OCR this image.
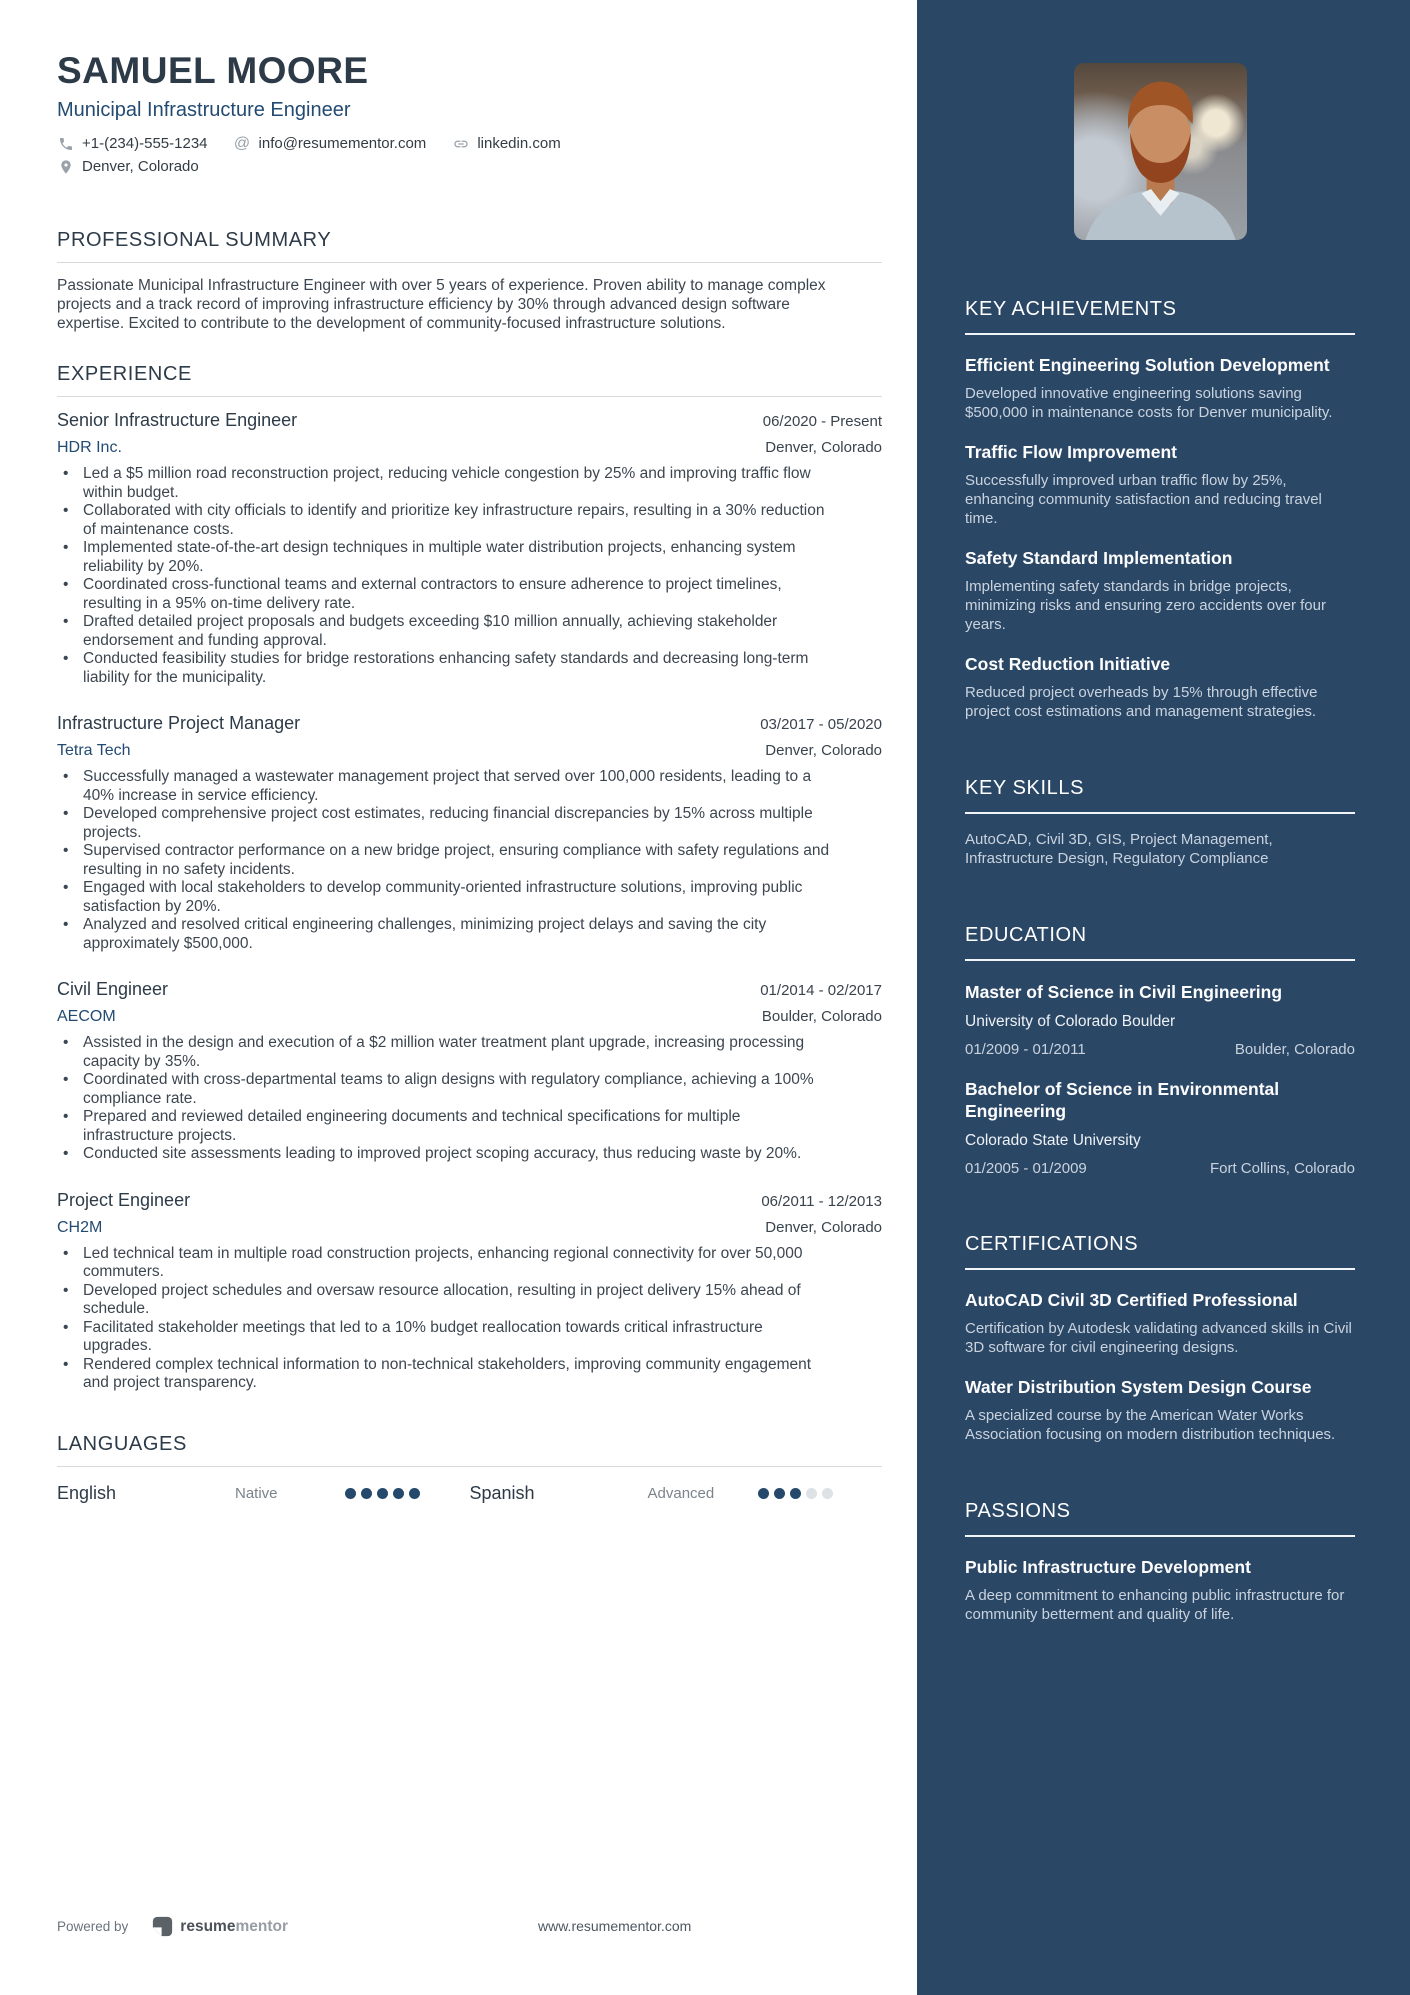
SAMUEL MOORE
Municipal Infrastructure Engineer
+1-(234)-555-1234 @ info@resumementor.com	linkedin.com
Denver, Colorado
PROFESSIONAL SUMMARY
Passionate Municipal Infrastructure Engineer with over 5 years of experience. Proven ability to manage complex projects and a track record of improving infrastructure efficiency by 30% through advanced design software expertise. Excited to contribute to the development of community-focused infrastructure solutions.
EXPERIENCE
Senior Infrastructure Engineer	06/2020 - Present
HDR Inc.	Denver, Colorado
• Led a $5 million road reconstruction project, reducing vehicle congestion by 25% and improving traffic flow within budget.
• Collaborated with city officials to identify and prioritize key infrastructure repairs, resulting in a 30% reduction of maintenance costs.
• Implemented state-of-the-art design techniques in multiple water distribution projects, enhancing system reliability by 20%.
• Coordinated cross-functional teams and external contractors to ensure adherence to project timelines, resulting in a 95% on-time delivery rate.
• Drafted detailed project proposals and budgets exceeding $10 million annually, achieving stakeholder endorsement and funding approval.
• Conducted feasibility studies for bridge restorations enhancing safety standards and decreasing long-term liability for the municipality.
Infrastructure Project Manager	03/2017 - 05/2020
Tetra Tech	Denver, Colorado
• Successfully managed a wastewater management project that served over 100,000 residents, leading to a 40% increase in service efficiency.
• Developed comprehensive project cost estimates, reducing financial discrepancies by 15% across multiple projects.
• Supervised contractor performance on a new bridge project, ensuring compliance with safety regulations and resulting in no safety incidents.
• Engaged with local stakeholders to develop community-oriented infrastructure solutions, improving public satisfaction by 20%.
• Analyzed and resolved critical engineering challenges, minimizing project delays and saving the city approximately $500,000.
Civil Engineer	01/2014 - 02/2017
AECOM	Boulder, Colorado
• Assisted in the design and execution of a $2 million water treatment plant upgrade, increasing processing capacity by 35%.
• Coordinated with cross-departmental teams to align designs with regulatory compliance, achieving a 100% compliance rate.
• Prepared and reviewed detailed engineering documents and technical specifications for multiple infrastructure projects.
• Conducted site assessments leading to improved project scoping accuracy, thus reducing waste by 20%.
Project Engineer	06/2011 - 12/2013
CH2M	Denver, Colorado
• Led technical team in multiple road construction projects, enhancing regional connectivity for over 50,000 commuters.
• Developed project schedules and oversaw resource allocation, resulting in project delivery 15% ahead of schedule.
• Facilitated stakeholder meetings that led to a 10% budget reallocation towards critical infrastructure upgrades.
• Rendered complex technical information to non-technical stakeholders, improving community engagement and project transparency.
LANGUAGES
English	Native	Spanish	Advanced
KEY ACHIEVEMENTS
Efficient Engineering Solution Development
Developed innovative engineering solutions saving $500,000 in maintenance costs for Denver municipality.
Traffic Flow Improvement
Successfully improved urban traffic flow by 25%, enhancing community satisfaction and reducing travel time.
Safety Standard Implementation
Implementing safety standards in bridge projects, minimizing risks and ensuring zero accidents over four years.
Cost Reduction Initiative
Reduced project overheads by 15% through effective project cost estimations and management strategies.
KEY SKILLS
AutoCAD, Civil 3D, GIS, Project Management, Infrastructure Design, Regulatory Compliance
EDUCATION
Master of Science in Civil Engineering
University of Colorado Boulder
01/2009 - 01/2011	Boulder, Colorado
Bachelor of Science in Environmental Engineering
Colorado State University
01/2005 - 01/2009	Fort Collins, Colorado
CERTIFICATIONS
AutoCAD Civil 3D Certified Professional
Certification by Autodesk validating advanced skills in Civil 3D software for civil engineering designs.
Water Distribution System Design Course
A specialized course by the American Water Works Association focusing on modern distribution techniques.
PASSIONS
Public Infrastructure Development
A deep commitment to enhancing public infrastructure for community betterment and quality of life.
Powered by	resumementor	www.resumementor.com
